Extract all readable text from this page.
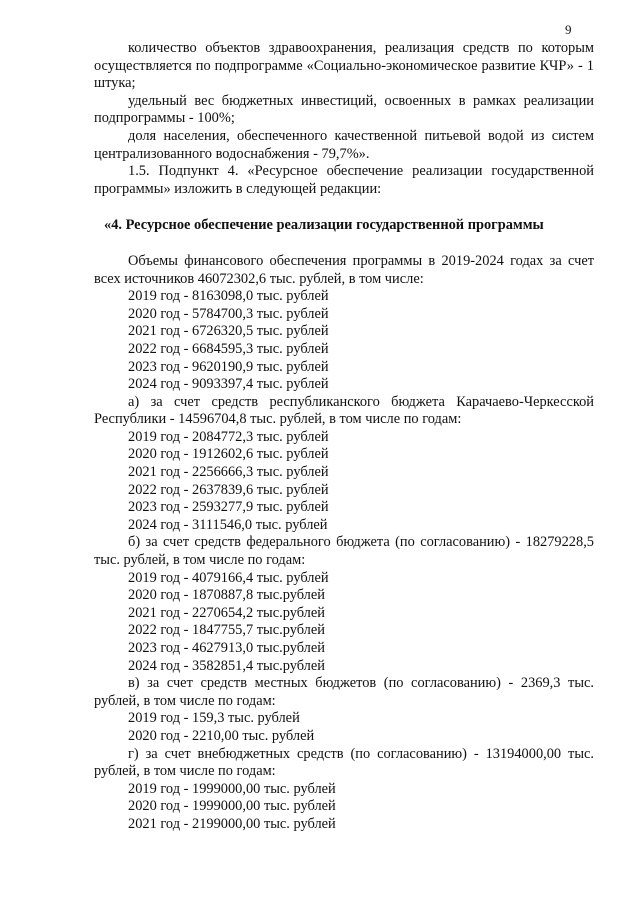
9
количество объектов здравоохранения, реализация средств по которым осуществляется по подпрограмме «Социально-экономическое развитие КЧР» - 1 штука;
удельный вес бюджетных инвестиций, освоенных в рамках реализации подпрограммы - 100%;
доля населения, обеспеченного качественной питьевой водой из систем централизованного водоснабжения - 79,7%».
1.5. Подпункт 4. «Ресурсное обеспечение реализации государственной программы» изложить в следующей редакции:
«4. Ресурсное обеспечение реализации государственной программы
Объемы финансового обеспечения программы в 2019-2024 годах за счет всех источников 46072302,6 тыс. рублей, в том числе:
2019 год - 8163098,0 тыс. рублей
2020 год - 5784700,3 тыс. рублей
2021 год - 6726320,5 тыс. рублей
2022 год - 6684595,3 тыс. рублей
2023 год - 9620190,9 тыс. рублей
2024 год - 9093397,4 тыс. рублей
а) за счет средств республиканского бюджета Карачаево-Черкесской Республики - 14596704,8 тыс. рублей, в том числе по годам:
2019 год - 2084772,3 тыс. рублей
2020 год - 1912602,6 тыс. рублей
2021 год - 2256666,3 тыс. рублей
2022 год - 2637839,6 тыс. рублей
2023 год - 2593277,9 тыс. рублей
2024 год - 3111546,0 тыс. рублей
б) за счет средств федерального бюджета (по согласованию) - 18279228,5 тыс. рублей, в том числе по годам:
2019 год - 4079166,4 тыс. рублей
2020 год - 1870887,8 тыс.рублей
2021 год - 2270654,2 тыс.рублей
2022 год - 1847755,7 тыс.рублей
2023 год - 4627913,0 тыс.рублей
2024 год - 3582851,4 тыс.рублей
в) за счет средств местных бюджетов (по согласованию) - 2369,3 тыс. рублей, в том числе по годам:
2019 год - 159,3 тыс. рублей
2020 год - 2210,00 тыс. рублей
г) за счет внебюджетных средств (по согласованию) - 13194000,00 тыс. рублей, в том числе по годам:
2019 год - 1999000,00 тыс. рублей
2020 год - 1999000,00 тыс. рублей
2021 год - 2199000,00 тыс. рублей
